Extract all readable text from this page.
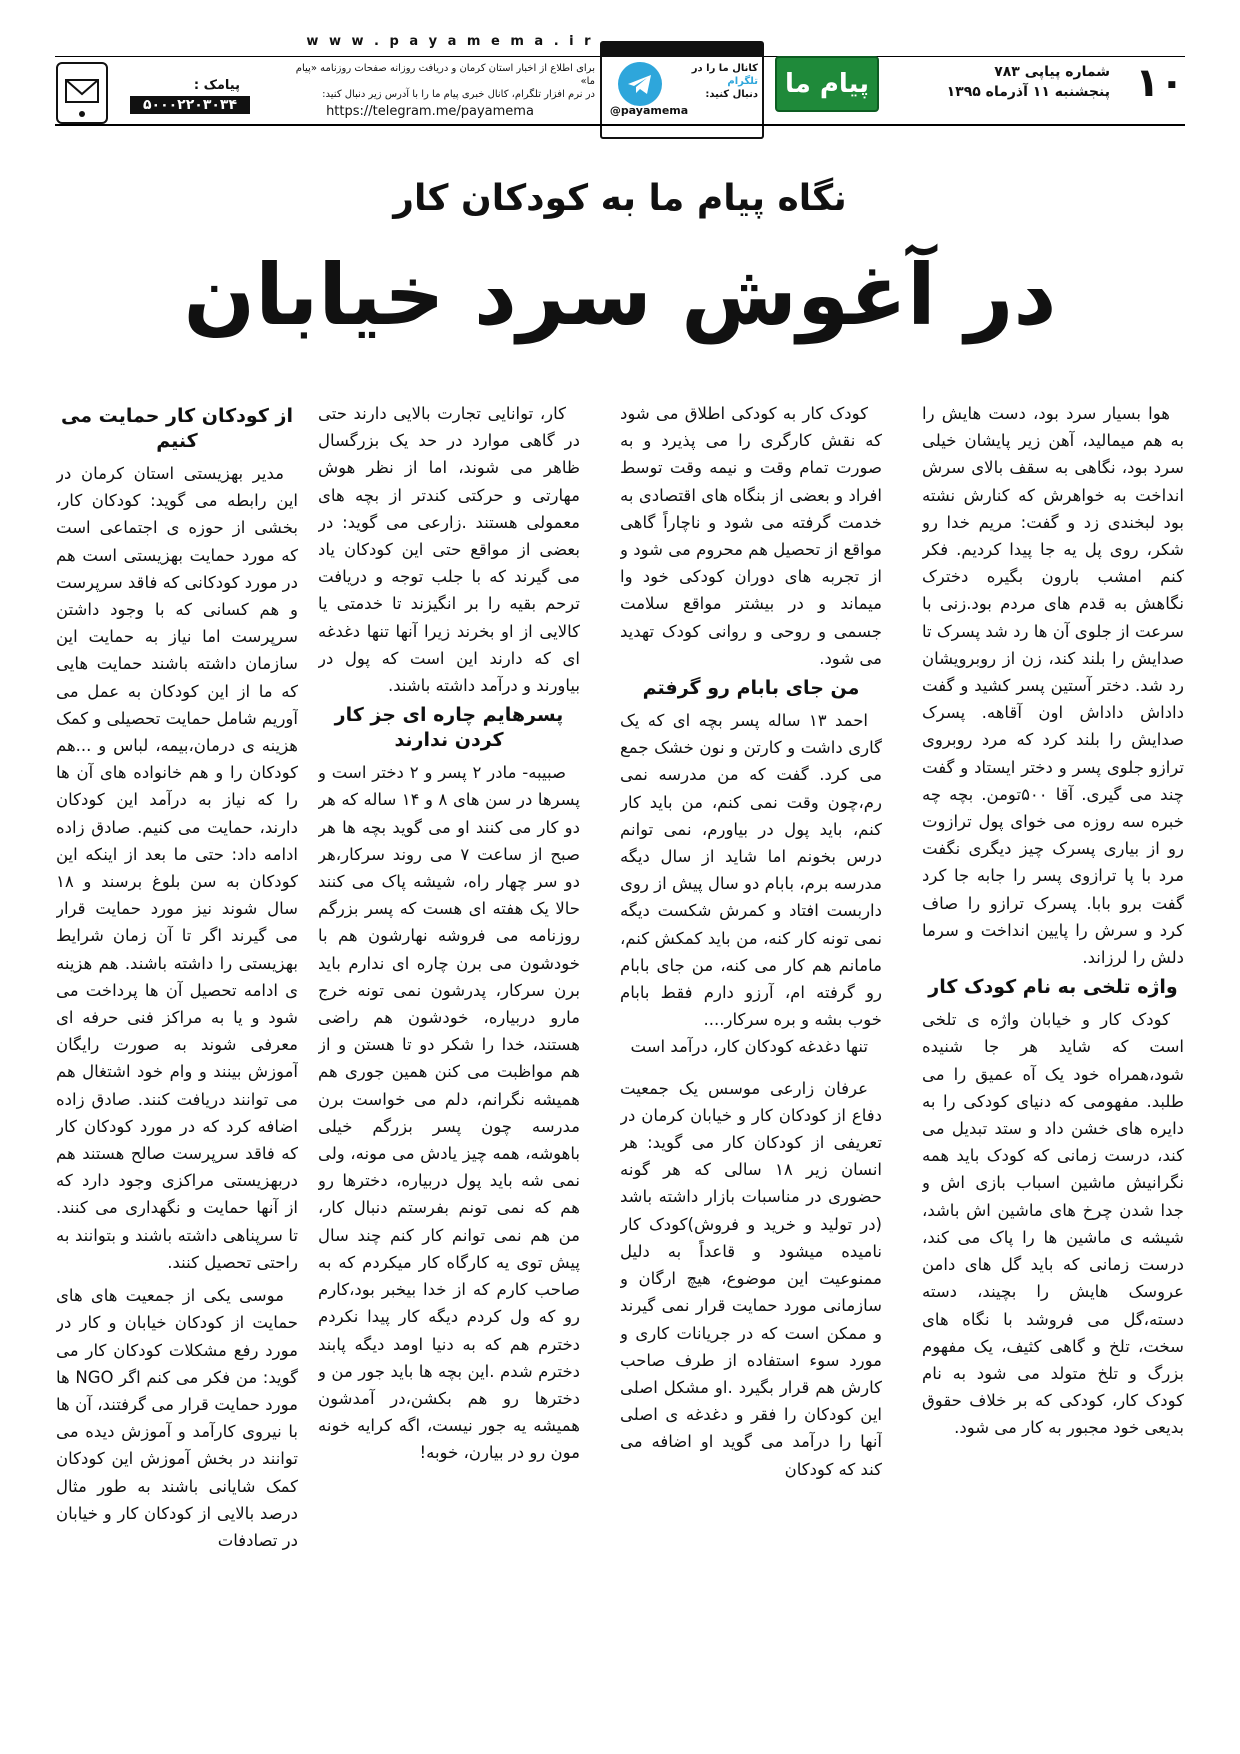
w w w . p a y a m e m a . i r
۱۰
شماره پیاپی ۷۸۳
پنجشنبه ۱۱ آذرماه ۱۳۹۵
پیام ما
کانال ما را در
تلگرام
دنبال کنید:
@payamema
برای اطلاع از اخبار استان کرمان و دریافت روزانه صفحات روزنامه «پیام ما»
در نرم افزار تلگرام، کانال خبری پیام ما را با آدرس زیر دنبال کنید:
https://telegram.me/payamema
پیامک :
۵۰۰۰۲۲۰۳۰۳۴
نگاه پیام ما به کودکان کار
در آغوش سرد خیابان

هوا بسیار سرد بود، دست هایش را به هم میمالید، آهن زیر پایشان خیلی سرد بود، نگاهی به سقف بالای سرش انداخت به خواهرش که کنارش نشته بود لبخندی زد و گفت: مریم خدا رو شکر، روی پل یه جا پیدا کردیم. فکر کنم امشب بارون بگیره دخترک نگاهش به قدم های مردم بود.زنی با سرعت از جلوی آن ها رد شد پسرک تا صدایش را بلند کند، زن از روبرویشان رد شد. دختر آستین پسر کشید و گفت داداش داداش اون آقاهه. پسرک صدایش را بلند کرد که مرد روبروی ترازو جلوی پسر و دختر ایستاد و گفت چند می گیری. آقا ۵۰۰تومن. بچه چه خبره سه روزه می خوای پول ترازوت رو از بیاری پسرک چیز دیگری نگفت مرد با پا ترازوی پسر را جابه جا کرد گفت برو بابا. پسرک ترازو را صاف کرد و سرش را پایین انداخت و سرما دلش را لرزاند.

واژه تلخی به نام کودک کار

کودک کار و خیابان واژه ی تلخی است که شاید هر جا شنیده شود،همراه خود یک آه عمیق را می طلبد. مفهومی که دنیای کودکی را به دایره های خشن داد و ستد تبدیل می کند، درست زمانی که کودک باید همه نگرانیش ماشین اسباب بازی اش و جدا شدن چرخ های ماشین اش باشد، شیشه ی ماشین ها را پاک می کند، درست زمانی که باید گل های دامن عروسک هایش را بچیند، دسته دسته،گل می فروشد با نگاه های سخت، تلخ و گاهی کثیف، یک مفهوم بزرگ و تلخ متولد می شود به نام کودک کار، کودکی که بر خلاف حقوق بدیعی خود مجبور به کار می شود.

کودک کار به کودکی اطلاق می شود که نقش کارگری را می پذیرد و به صورت تمام وقت و نیمه وقت توسط افراد و بعضی از بنگاه های اقتصادی به خدمت گرفته می شود و ناچاراً گاهی مواقع از تحصیل هم محروم می شود و از تجربه های دوران کودکی خود وا میماند و در بیشتر مواقع سلامت جسمی و روحی و روانی کودک تهدید می شود.

من جای بابام رو گرفتم

احمد ۱۳ ساله پسر بچه ای که یک گاری داشت و کارتن و نون خشک جمع می کرد. گفت که من مدرسه نمی رم،چون وقت نمی کنم، من باید کار کنم، باید پول در بیاورم، نمی توانم درس بخونم اما شاید از سال دیگه مدرسه برم، بابام دو سال پیش از روی داربست افتاد و کمرش شکست دیگه نمی تونه کار کنه، من باید کمکش کنم، مامانم هم کار می کنه، من جای بابام رو گرفته ام، آرزو دارم فقط بابام خوب بشه و بره سرکار....

تنها دغدغه کودکان کار، درآمد است

عرفان زارعی موسس یک جمعیت دفاع از کودکان کار و خیابان کرمان در تعریفی از کودکان کار می گوید: هر انسان زیر ۱۸ سالی که هر گونه حضوری در مناسبات بازار داشته باشد (در تولید و خرید و فروش)کودک کار نامیده میشود و قاعداً به دلیل ممنوعیت این موضوع، هیچ ارگان و سازمانی مورد حمایت قرار نمی گیرند و ممکن است که در جریانات کاری و مورد سوء استفاده از طرف صاحب کارش هم قرار بگیرد .او مشکل اصلی این کودکان را فقر و دغدغه ی اصلی آنها را درآمد می گوید او اضافه می کند که کودکان

کار، توانایی تجارت بالایی دارند حتی در گاهی موارد در حد یک بزرگسال ظاهر می شوند، اما از نظر هوش مهارتی و حرکتی کندتر از بچه های معمولی هستند .زارعی می گوید: در بعضی از مواقع حتی این کودکان یاد می گیرند که با جلب توجه و دریافت ترحم بقیه را بر انگیزند تا خدمتی یا کالایی از او بخرند زیرا آنها تنها دغدغه ای که دارند این است که پول در بیاورند و درآمد داشته باشند.

پسرهایم چاره ای جز کار کردن ندارند

صبیبه- مادر ۲ پسر و ۲ دختر است و پسرها در سن های ۸ و ۱۴ ساله که هر دو کار می کنند او می گوید بچه ها هر صبح از ساعت ۷ می روند سرکار،هر دو سر چهار راه، شیشه پاک می کنند حالا یک هفته ای هست که پسر بزرگم روزنامه می فروشه نهارشون هم با خودشون می برن چاره ای ندارم باید برن سرکار، پدرشون نمی تونه خرج مارو دربیاره، خودشون هم راضی هستند، خدا را شکر دو تا هستن و از هم مواظبت می کنن همین جوری هم همیشه نگرانم، دلم می خواست برن مدرسه چون پسر بزرگم خیلی باهوشه، همه چیز یادش می مونه، ولی نمی شه باید پول دربیاره، دخترها رو هم که نمی تونم بفرستم دنبال کار، من هم نمی توانم کار کنم چند سال پیش توی یه کارگاه کار میکردم که به صاحب کارم که از خدا بیخبر بود،کارم رو که ول کردم دیگه کار پیدا نکردم دخترم هم که به دنیا اومد دیگه پابند دخترم شدم .این بچه ها باید جور من و دخترها رو هم بکشن،در آمدشون همیشه یه جور نیست، اگه کرایه خونه مون رو در بیارن، خوبه!

از کودکان کار حمایت می کنیم

مدیر بهزیستی استان کرمان در این رابطه می گوید: کودکان کار، بخشی از حوزه ی اجتماعی است که مورد حمایت بهزیستی است هم در مورد کودکانی که فاقد سرپرست و هم کسانی که با وجود داشتن سرپرست اما نیاز به حمایت این سازمان داشته باشند حمایت هایی که ما از این کودکان به عمل می آوریم شامل حمایت تحصیلی و کمک هزینه ی درمان،بیمه، لباس و ...هم کودکان را و هم خانواده های آن ها را که نیاز به درآمد این کودکان دارند، حمایت می کنیم. صادق زاده ادامه داد: حتی ما بعد از اینکه این کودکان به سن بلوغ برسند و ۱۸ سال شوند نیز مورد حمایت قرار می گیرند اگر تا آن زمان شرایط بهزیستی را داشته باشند. هم هزینه ی ادامه تحصیل آن ها پرداخت می شود و یا به مراکز فنی حرفه ای معرفی شوند به صورت رایگان آموزش بینند و وام خود اشتغال هم می توانند دریافت کنند. صادق زاده اضافه کرد که در مورد کودکان کار که فاقد سرپرست صالح هستند هم دربهزیستی مراکزی وجود دارد که از آنها حمایت و نگهداری می کنند. تا سرپناهی داشته باشند و بتوانند به راحتی تحصیل کنند.

موسی یکی از جمعیت های های حمایت از کودکان خیابان و کار در مورد رفع مشکلات کودکان کار می گوید: من فکر می کنم اگر NGO ها مورد حمایت قرار می گرفتند، آن ها با نیروی کارآمد و آموزش دیده می توانند در بخش آموزش این کودکان کمک شایانی باشند به طور مثال درصد بالایی از کودکان کار و خیابان در تصادفات
